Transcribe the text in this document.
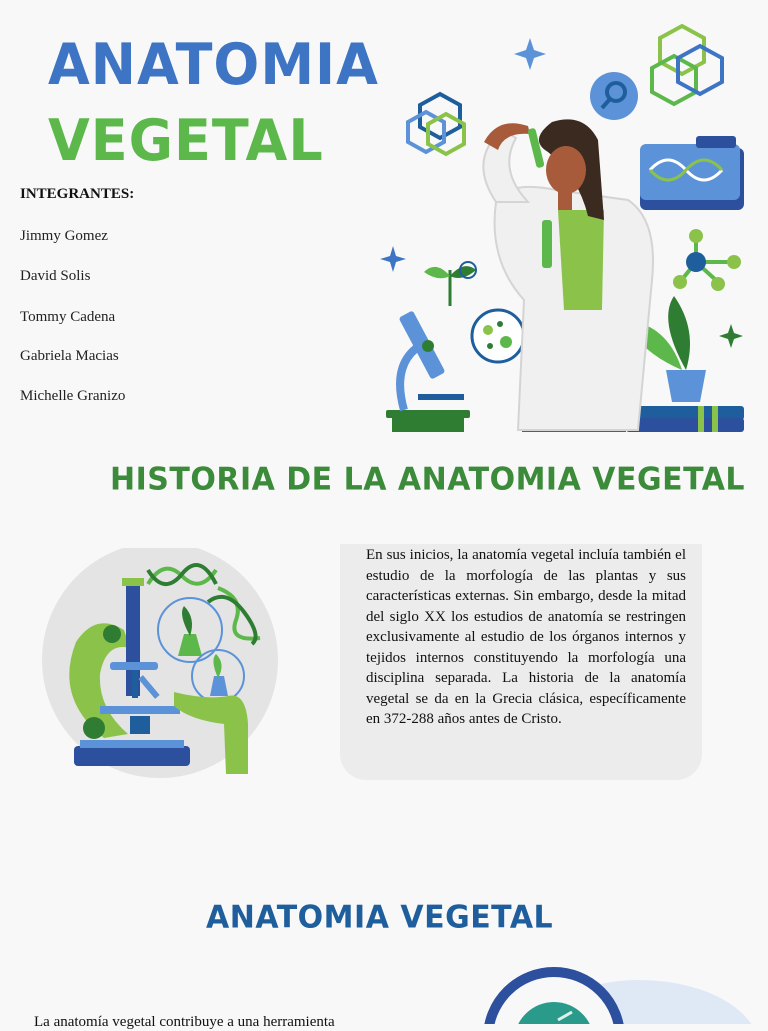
ANATOMIA
VEGETAL
INTEGRANTES:
Jimmy Gomez
David Solis
Tommy Cadena
Gabriela Macias
Michelle Granizo
HISTORIA DE LA ANATOMIA VEGETAL
En sus inicios, la anatomía vegetal incluía también el estudio de la morfología de las plantas y sus características externas. Sin embargo, desde la mitad del siglo XX los estudios de anatomía se restringen exclusivamente al estudio de los órganos internos y tejidos internos constituyendo la morfología una disciplina separada. La historia de la anatomía vegetal se da en la Grecia clásica, específicamente en 372-288 años antes de Cristo.
ANATOMIA VEGETAL
La anatomía vegetal contribuye a una herramienta
